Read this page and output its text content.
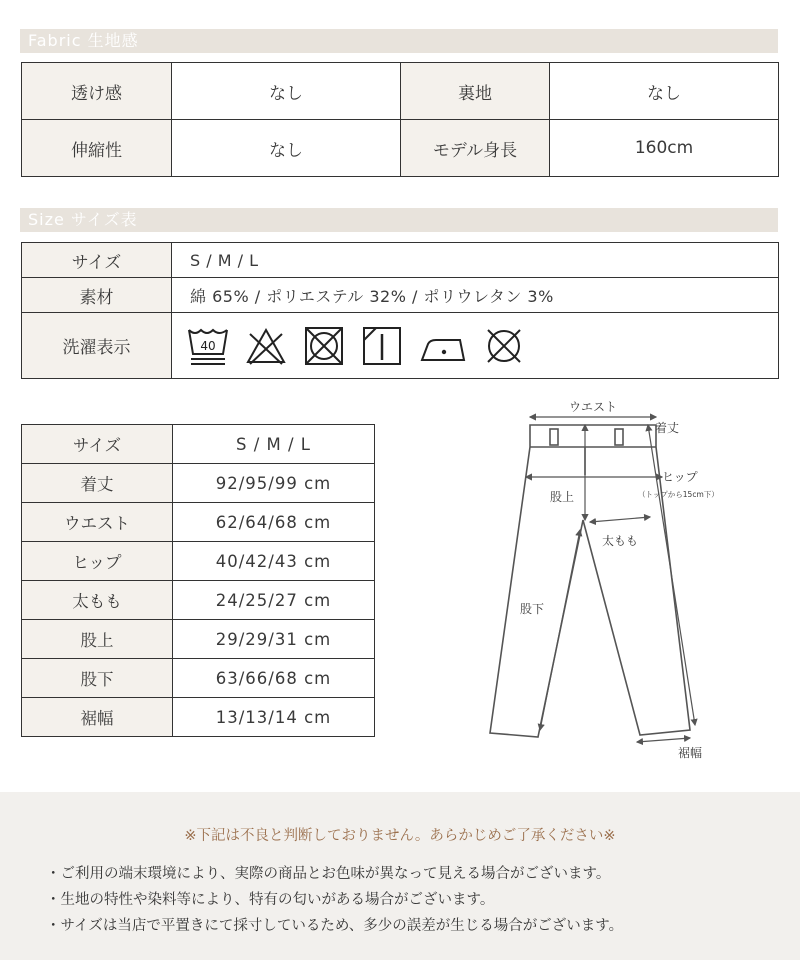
Fabric 生地感
透け感	なし	裏地	なし
伸縮性	なし	モデル身長	160cm
Size サイズ表
サイズ	S / M / L
素材	綿 65% / ポリエステル 32% / ポリウレタン 3%
洗濯表示	40
サイズ	S / M / L
着丈	92/95/99 cm
ウエスト	62/64/68 cm
ヒップ	40/42/43 cm
太もも	24/25/27 cm
股上	29/29/31 cm
股下	63/66/68 cm
裾幅	13/13/14 cm
ウエスト
着丈
ヒップ
（トップから15cm下）
股上
太もも
股下
裾幅
※下記は不良と判断しておりません。あらかじめご了承ください※
・ご利用の端末環境により、実際の商品とお色味が異なって見える場合がございます。
・生地の特性や染料等により、特有の匂いがある場合がございます。
・サイズは当店で平置きにて採寸しているため、多少の誤差が生じる場合がございます。
